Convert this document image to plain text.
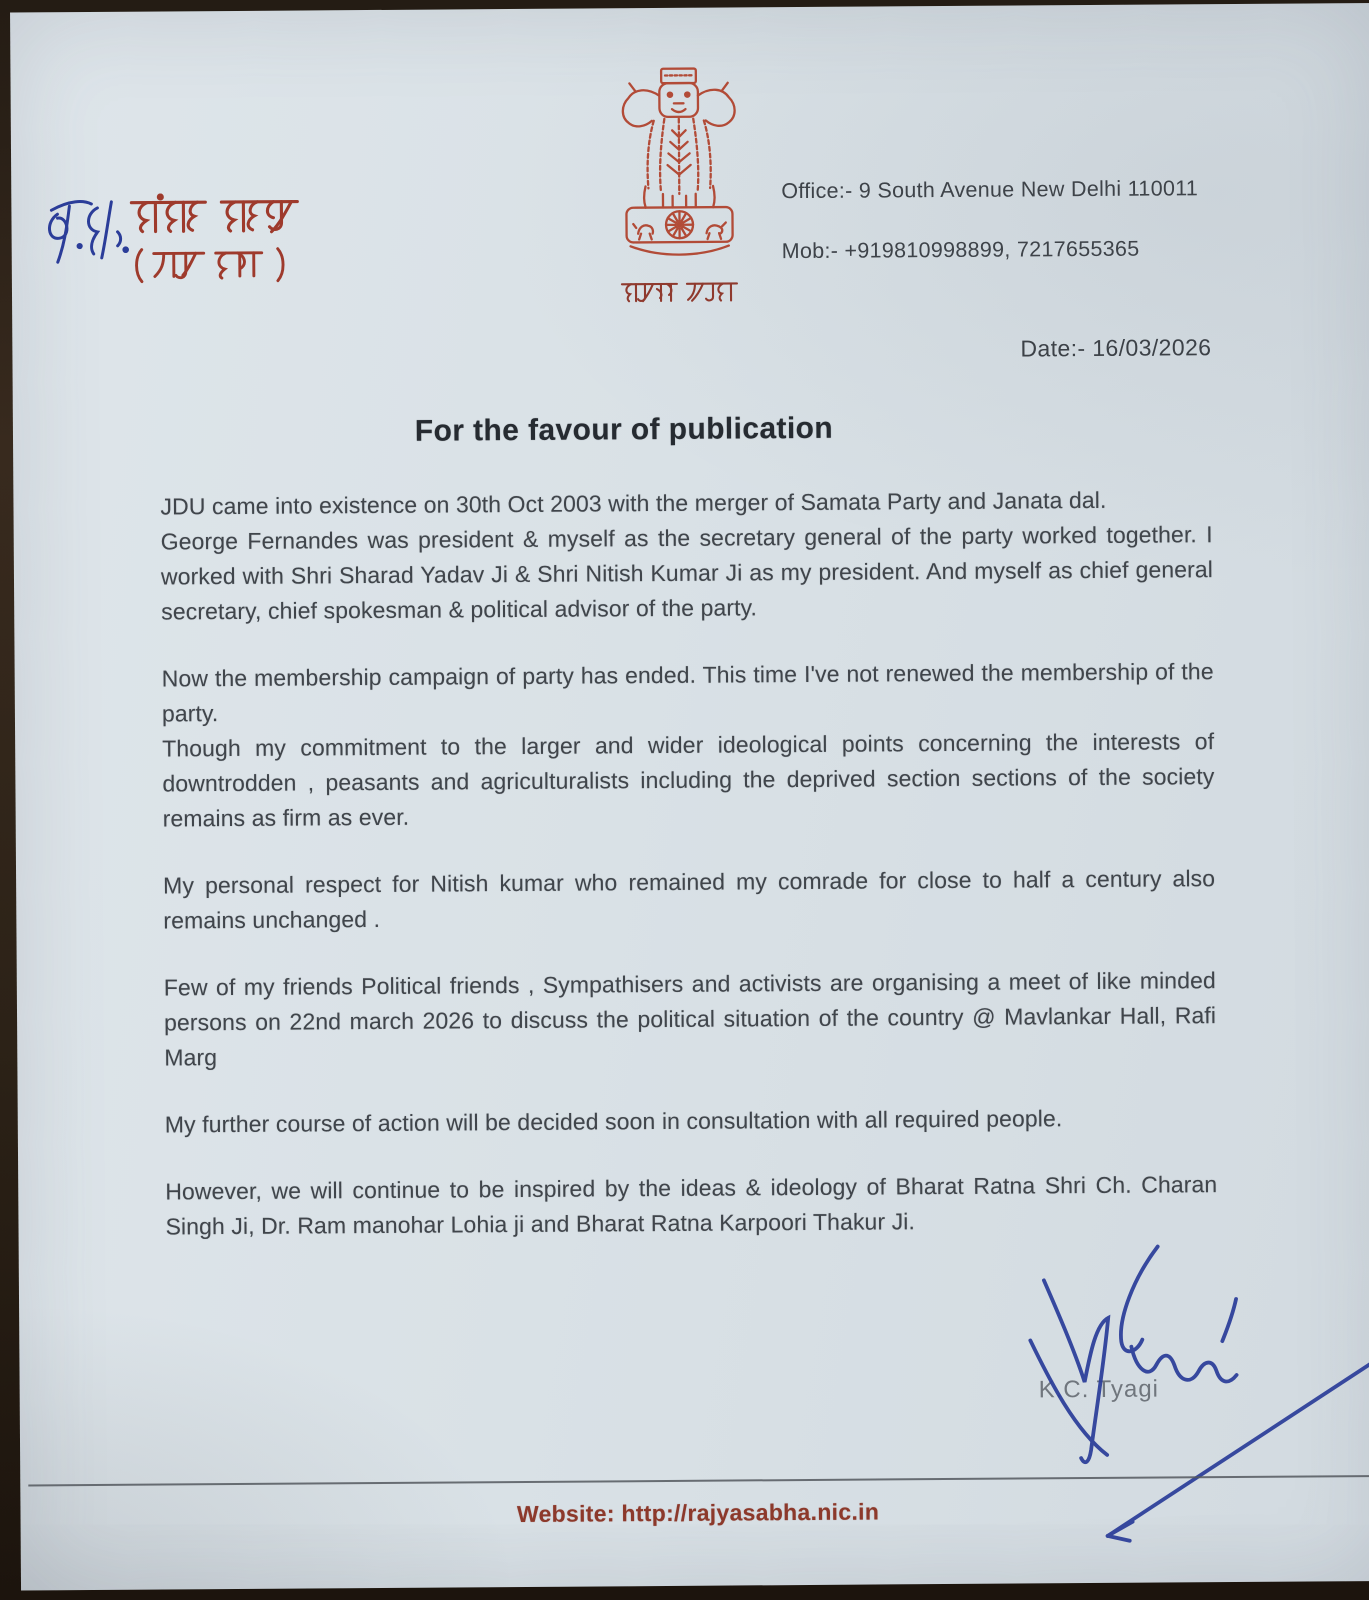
Office:- 9 South Avenue New Delhi 110011
Mob:- +919810998899, 7217655365
Date:- 16/03/2026
For the favour of publication

JDU came into existence on 30th Oct 2003 with the merger of Samata Party and Janata dal.

George Fernandes was president & myself as the secretary general of the party worked together. I worked with Shri Sharad Yadav Ji & Shri Nitish Kumar Ji as my president. And myself as chief general secretary, chief spokesman & political advisor of the party.

Now the membership campaign of party has ended. This time I've not renewed the membership of the party.

Though my commitment to the larger and wider ideological points concerning the interests of downtrodden , peasants and agriculturalists including the deprived section sections of the society remains as firm as ever.

My personal respect for Nitish kumar who remained my comrade for close to half a century also remains unchanged .

Few of my friends Political friends , Sympathisers and activists are organising a meet of like minded persons on 22nd march 2026 to discuss the political situation of the country @ Mavlankar Hall, Rafi Marg

My further course of action will be decided soon in consultation with all required people.

However, we will continue to be inspired by the ideas & ideology of Bharat Ratna Shri Ch. Charan Singh Ji, Dr. Ram manohar Lohia ji and Bharat Ratna Karpoori Thakur Ji.

K.C. Tyagi
Website: http://rajyasabha.nic.in
